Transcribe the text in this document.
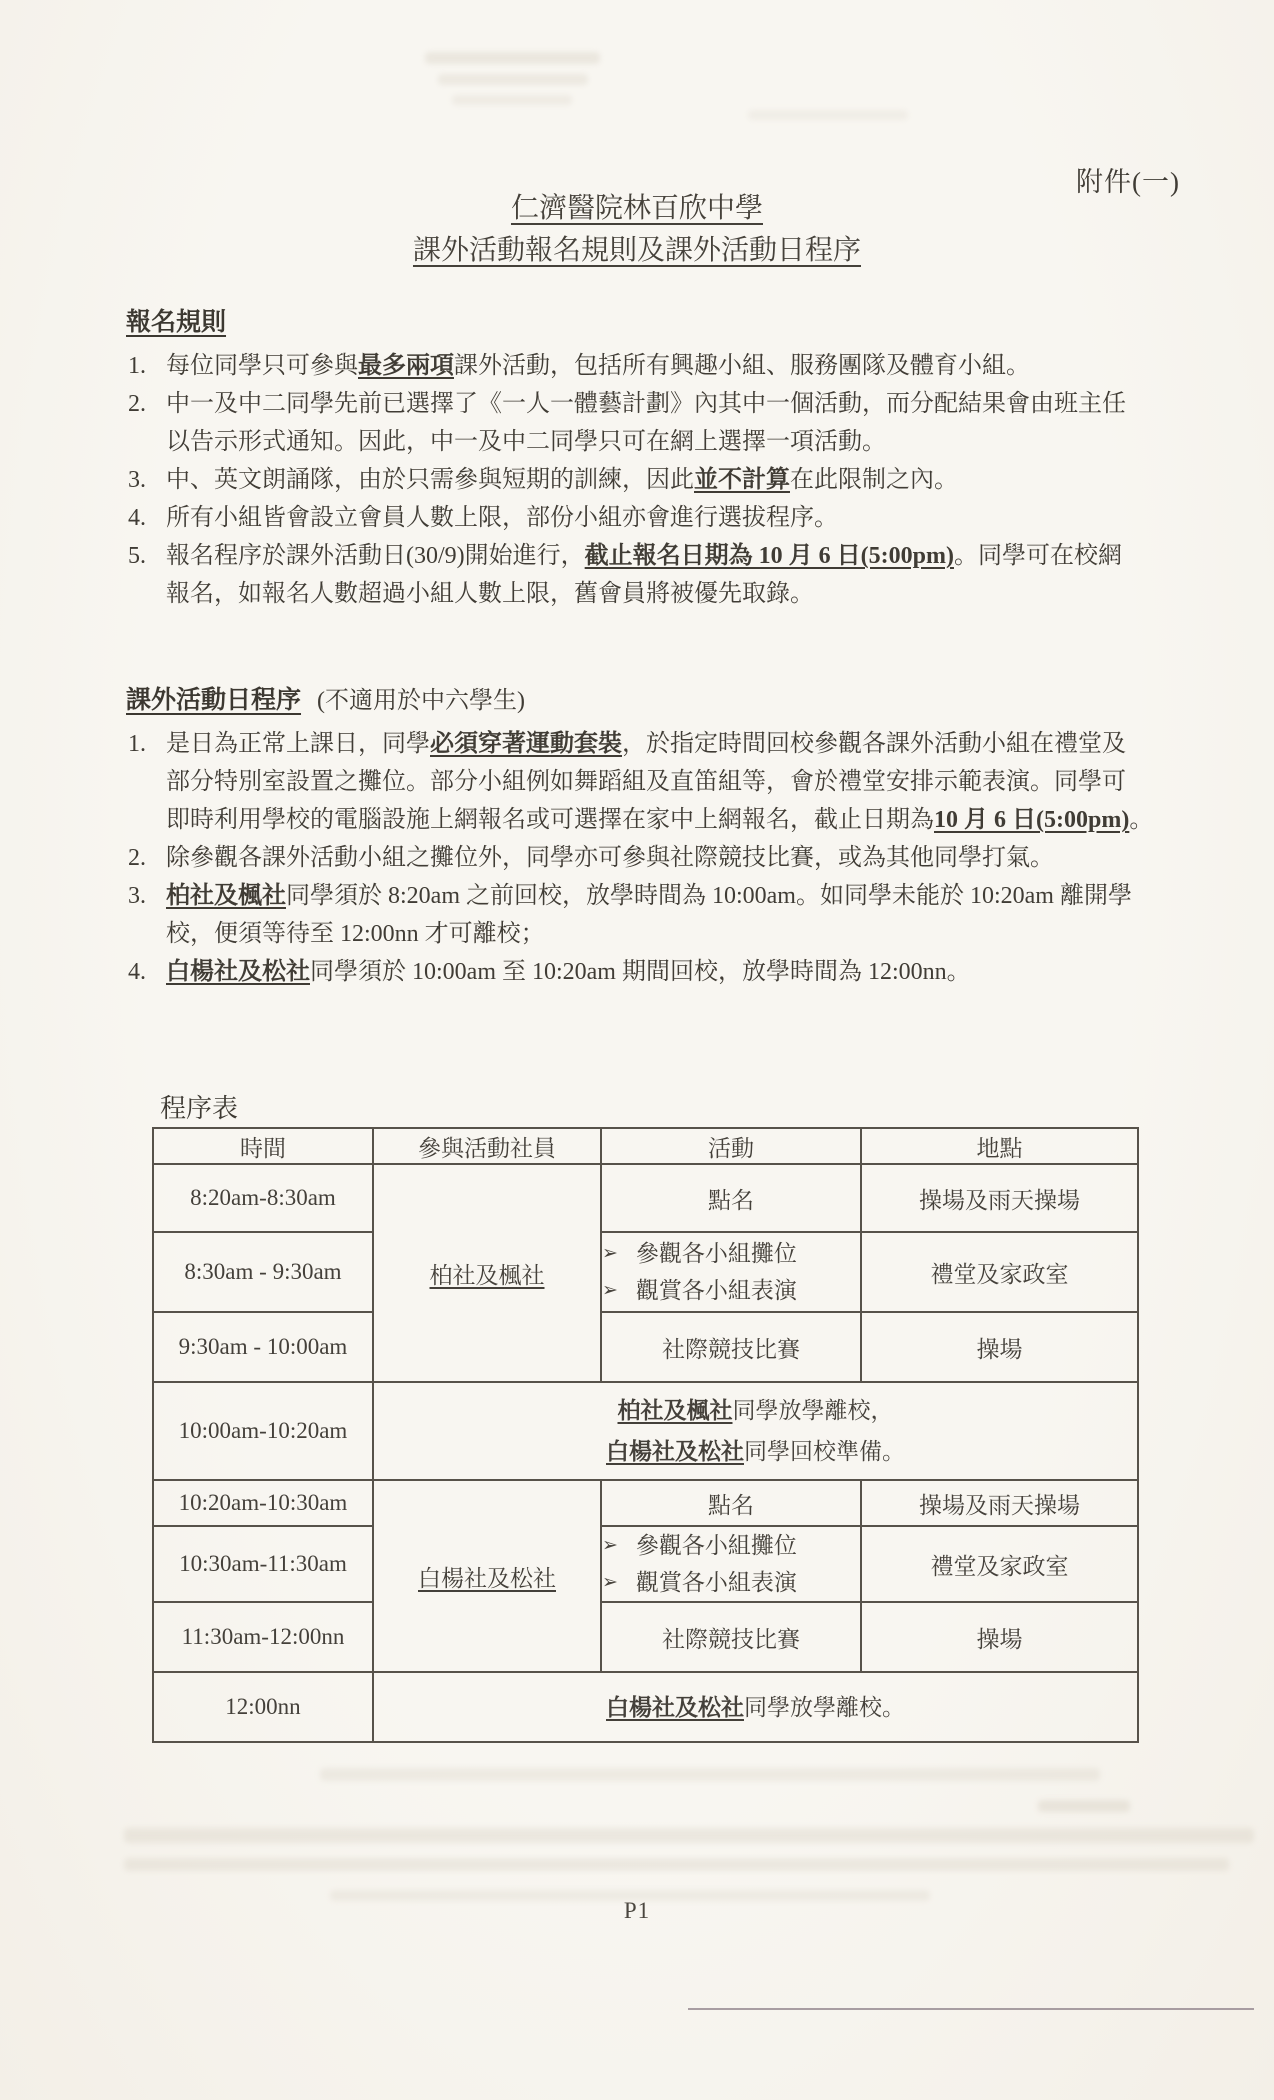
附件(一)
仁濟醫院林百欣中學
課外活動報名規則及課外活動日程序
報名規則
1. 每位同學只可參與最多兩項課外活動，包括所有興趣小組、服務團隊及體育小組。
2. 中一及中二同學先前已選擇了《一人一體藝計劃》內其中一個活動，而分配結果會由班主任
以告示形式通知。因此，中一及中二同學只可在網上選擇一項活動。
3. 中、英文朗誦隊，由於只需參與短期的訓練，因此並不計算在此限制之內。
4. 所有小組皆會設立會員人數上限，部份小組亦會進行選拔程序。
5. 報名程序於課外活動日(30/9)開始進行，截止報名日期為 10 月 6 日(5:00pm)。同學可在校網
報名，如報名人數超過小組人數上限，舊會員將被優先取錄。
課外活動日程序 (不適用於中六學生)
1. 是日為正常上課日，同學必須穿著運動套裝，於指定時間回校參觀各課外活動小組在禮堂及
部分特別室設置之攤位。部分小組例如舞蹈組及直笛組等，會於禮堂安排示範表演。同學可
即時利用學校的電腦設施上網報名或可選擇在家中上網報名，截止日期為10 月 6 日(5:00pm)。
2. 除參觀各課外活動小組之攤位外，同學亦可參與社際競技比賽，或為其他同學打氣。
3. 柏社及楓社同學須於 8:20am 之前回校，放學時間為 10:00am。如同學未能於 10:20am 離開學
校，便須等待至 12:00nn 才可離校；
4. 白楊社及松社同學須於 10:00am 至 10:20am 期間回校，放學時間為 12:00nn。
程序表
時間	參與活動社員	活動	地點
8:20am-8:30am	柏社及楓社	點名	操場及雨天操場
8:30am - 9:30am		➢ 參觀各小組攤位
➢ 觀賞各小組表演	禮堂及家政室
9:30am - 10:00am		社際競技比賽	操場
10:00am-10:20am	柏社及楓社同學放學離校，
白楊社及松社同學回校準備。		

10:20am-10:30am	白楊社及松社	點名	操場及雨天操場
10:30am-11:30am		➢ 參觀各小組攤位
➢ 觀賞各小組表演	禮堂及家政室
11:30am-12:00nn		社際競技比賽	操場
12:00nn	白楊社及松社同學放學離校。		
P1
